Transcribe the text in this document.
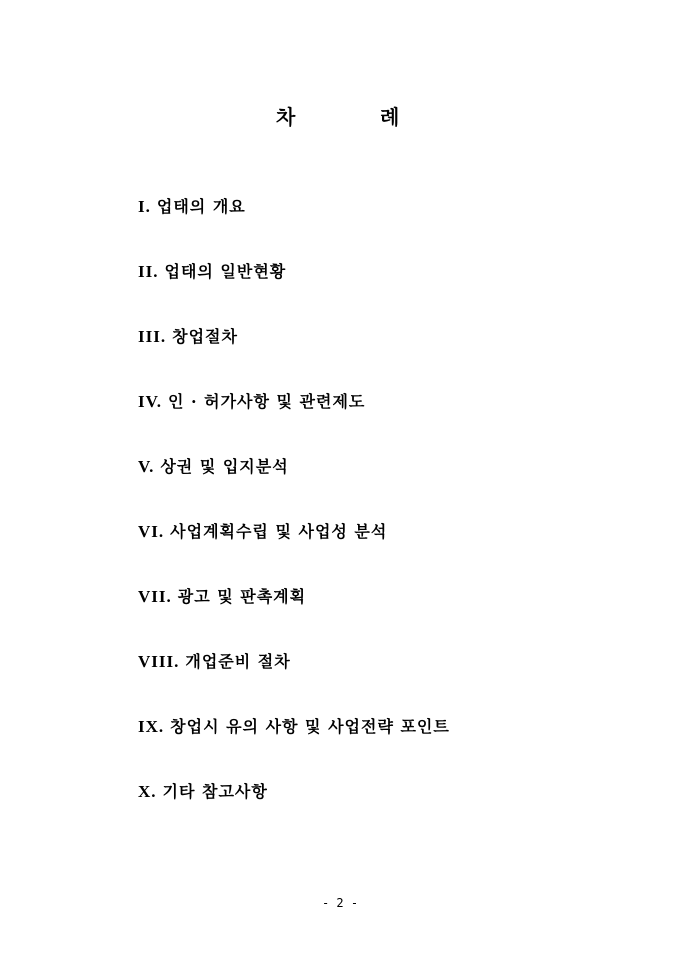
차	례
I. 업태의 개요
II. 업태의 일반현황
III. 창업절차
IV. 인 · 허가사항 및 관련제도
V. 상권 및 입지분석
VI. 사업계획수립 및 사업성 분석
VII. 광고 및 판촉계획
VIII. 개업준비 절차
IX. 창업시 유의 사항 및 사업전략 포인트
X. 기타 참고사항
- 2 -
